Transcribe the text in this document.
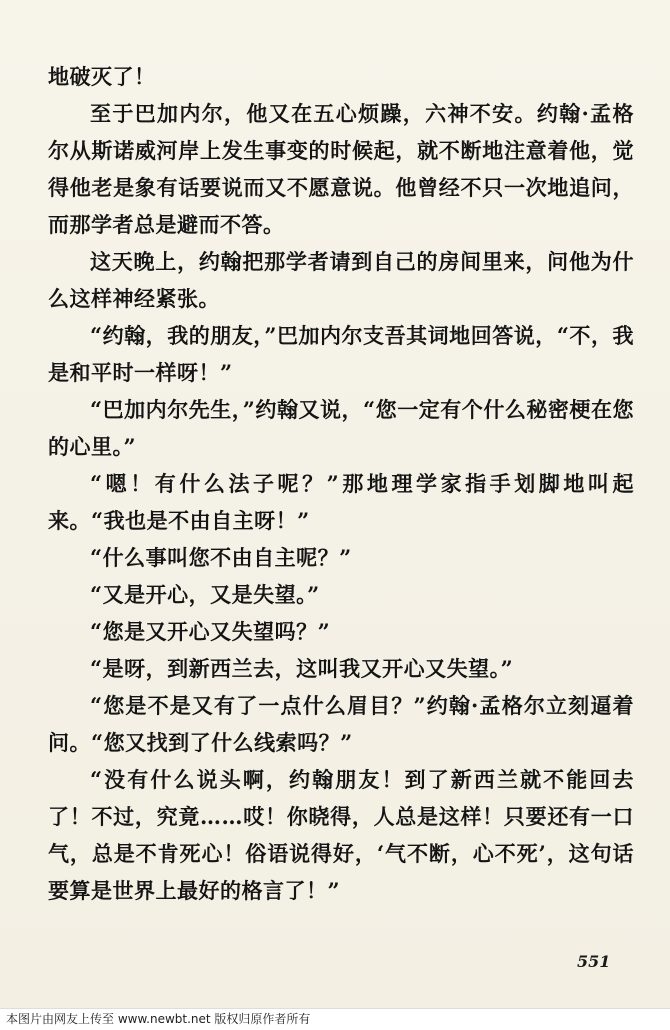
地破灭了！

至于巴加内尔，他又在五心烦躁，六神不安。约翰·孟格尔从斯诺威河岸上发生事变的时候起，就不断地注意着他，觉得他老是象有话要说而又不愿意说。他曾经不只一次地追问，而那学者总是避而不答。

这天晚上，约翰把那学者请到自己的房间里来，问他为什么这样神经紧张。

“约翰，我的朋友，”巴加内尔支吾其词地回答说，“不，我是和平时一样呀！”

“巴加内尔先生，”约翰又说，“您一定有个什么秘密梗在您的心里。”

“嗯！有什么法子呢？”那地理学家指手划脚地叫起来。“我也是不由自主呀！”

“什么事叫您不由自主呢？”

“又是开心，又是失望。”

“您是又开心又失望吗？”

“是呀，到新西兰去，这叫我又开心又失望。”

“您是不是又有了一点什么眉目？”约翰·孟格尔立刻逼着问。“您又找到了什么线索吗？”

“没有什么说头啊，约翰朋友！到了新西兰就不能回去了！不过，究竟……哎！你晓得，人总是这样！只要还有一口气，总是不肯死心！俗语说得好，‘气不断，心不死’，这句话要算是世界上最好的格言了！”

551
本图片由网友上传至 www.newbt.net 版权归原作者所有
